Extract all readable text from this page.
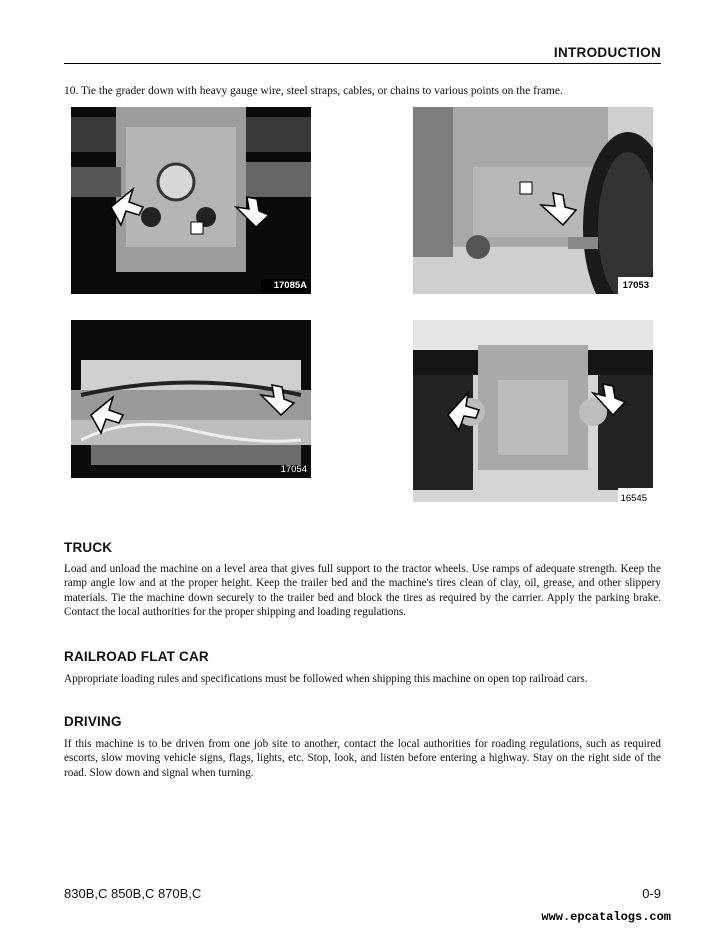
INTRODUCTION
10. Tie the grader down with heavy gauge wire, steel straps, cables, or chains to various points on the frame.
17085A	17053
17054
16545
TRUCK

Load and unload the machine on a level area that gives full support to the tractor wheels. Use ramps of adequate strength. Keep the ramp angle low and at the proper height. Keep the trailer bed and the machine's tires clean of clay, oil, grease, and other slippery materials. Tie the machine down securely to the trailer bed and block the tires as required by the carrier. Apply the parking brake. Contact the local authorities for the proper shipping and loading regulations.

RAILROAD FLAT CAR

Appropriate loading rules and specifications must be followed when shipping this machine on open top railroad cars.

DRIVING

If this machine is to be driven from one job site to another, contact the local authorities for roading regulations, such as required escorts, slow moving vehicle signs, flags, lights, etc. Stop, look, and listen before entering a highway. Stay on the right side of the road. Slow down and signal when turning.

830B,C 850B,C 870B,C	0-9
www.epcatalogs.com
